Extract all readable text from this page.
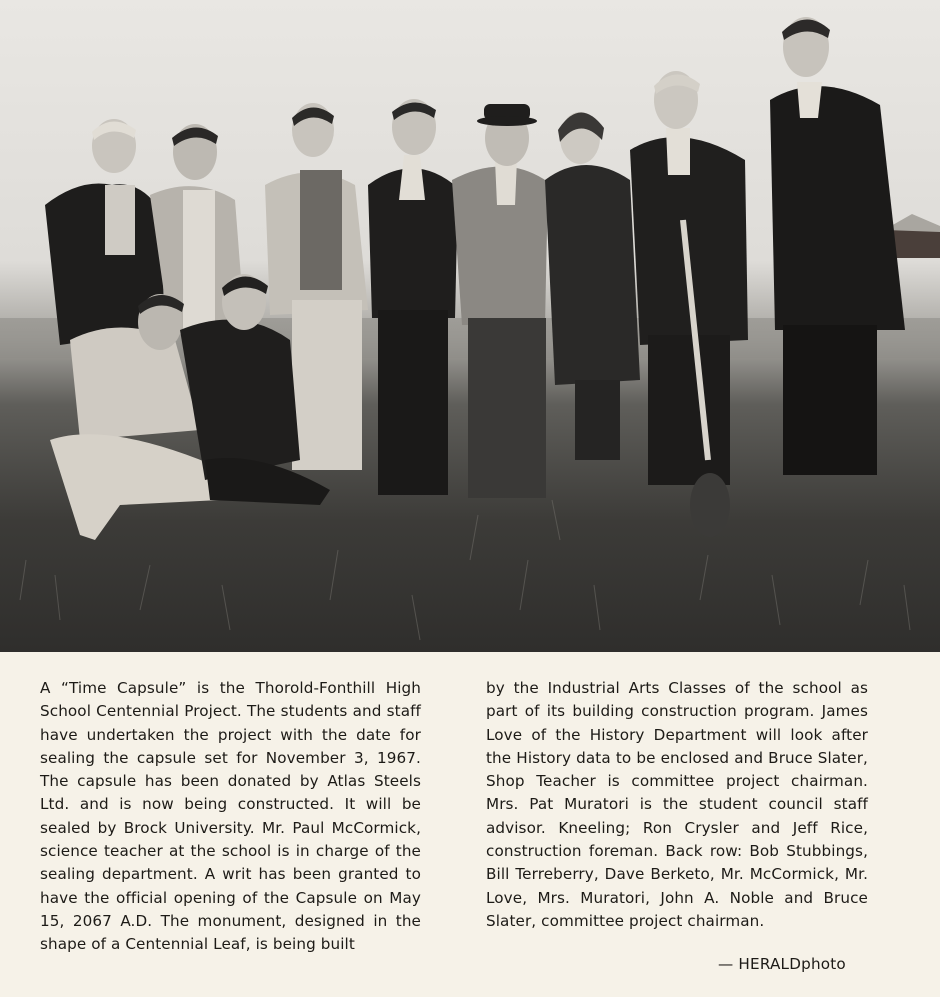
A “Time Capsule” is the Thorold-Fonthill High School Centennial Project. The students and staff have undertaken the project with the date for sealing the capsule set for November 3, 1967. The capsule has been donated by Atlas Steels Ltd. and is now being constructed. It will be sealed by Brock University. Mr. Paul McCormick, science teacher at the school is in charge of the sealing department. A writ has been granted to have the official opening of the Capsule on May 15, 2067 A.D. The monument, designed in the shape of a Centennial Leaf, is being built

by the Industrial Arts Classes of the school as part of its building construction program. James Love of the History Department will look after the History data to be enclosed and Bruce Slater, Shop Teacher is committee project chairman. Mrs. Pat Muratori is the student council staff advisor. Kneeling; Ron Crysler and Jeff Rice, construction foreman. Back row: Bob Stubbings, Bill Terreberry, Dave Berketo, Mr. McCormick, Mr. Love, Mrs. Muratori, John A. Noble and Bruce Slater, committee project chairman.

— HERALDphoto
